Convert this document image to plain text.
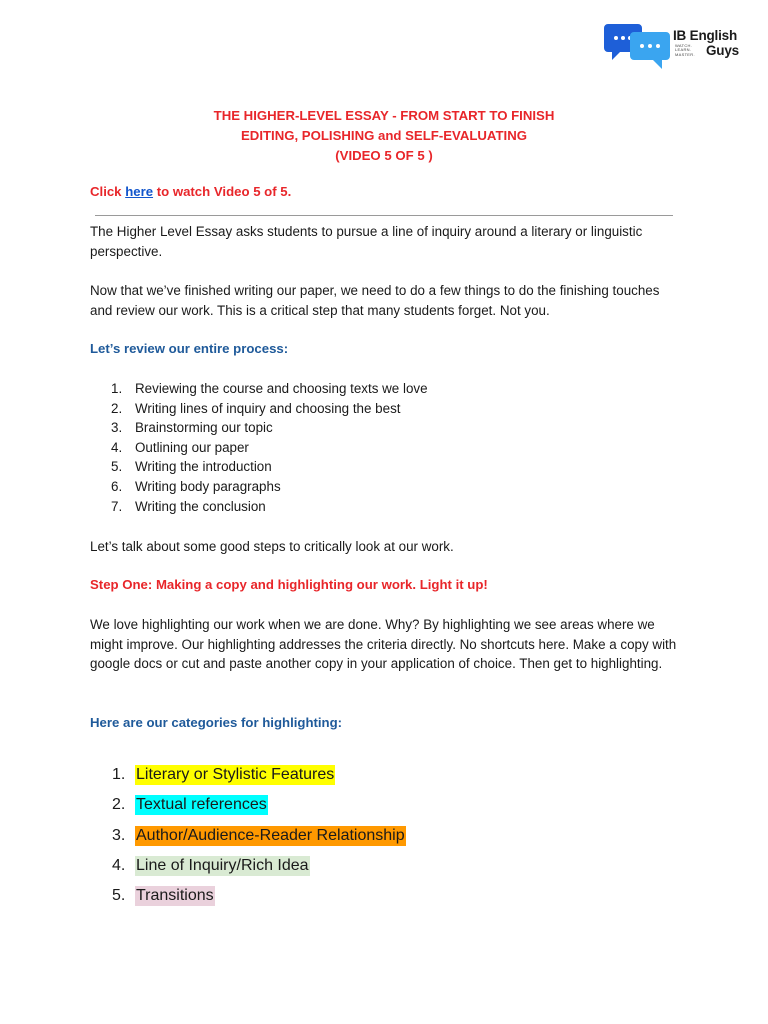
IB English
Guys
WATCH.
LEARN.
MASTER.
THE HIGHER-LEVEL ESSAY - FROM START TO FINISH
EDITING, POLISHING and SELF-EVALUATING
(VIDEO 5 OF 5 )
Click here to watch Video 5 of 5.
The Higher Level Essay asks students to pursue a line of inquiry around a literary or linguistic perspective.
Now that we’ve finished writing our paper, we need to do a few things to do the finishing touches and review our work. This is a critical step that many students forget. Not you.
Let’s review our entire process:
1. Reviewing the course and choosing texts we love
2. Writing lines of inquiry and choosing the best
3. Brainstorming our topic
4. Outlining our paper
5. Writing the introduction
6. Writing body paragraphs
7. Writing the conclusion
Let’s talk about some good steps to critically look at our work.
Step One: Making a copy and highlighting our work. Light it up!
We love highlighting our work when we are done. Why? By highlighting we see areas where we might improve. Our highlighting addresses the criteria directly. No shortcuts here. Make a copy with google docs or cut and paste another copy in your application of choice. Then get to highlighting.
Here are our categories for highlighting:
1. Literary or Stylistic Features
2. Textual references
3. Author/Audience-Reader Relationship
4. Line of Inquiry/Rich Idea
5. Transitions
